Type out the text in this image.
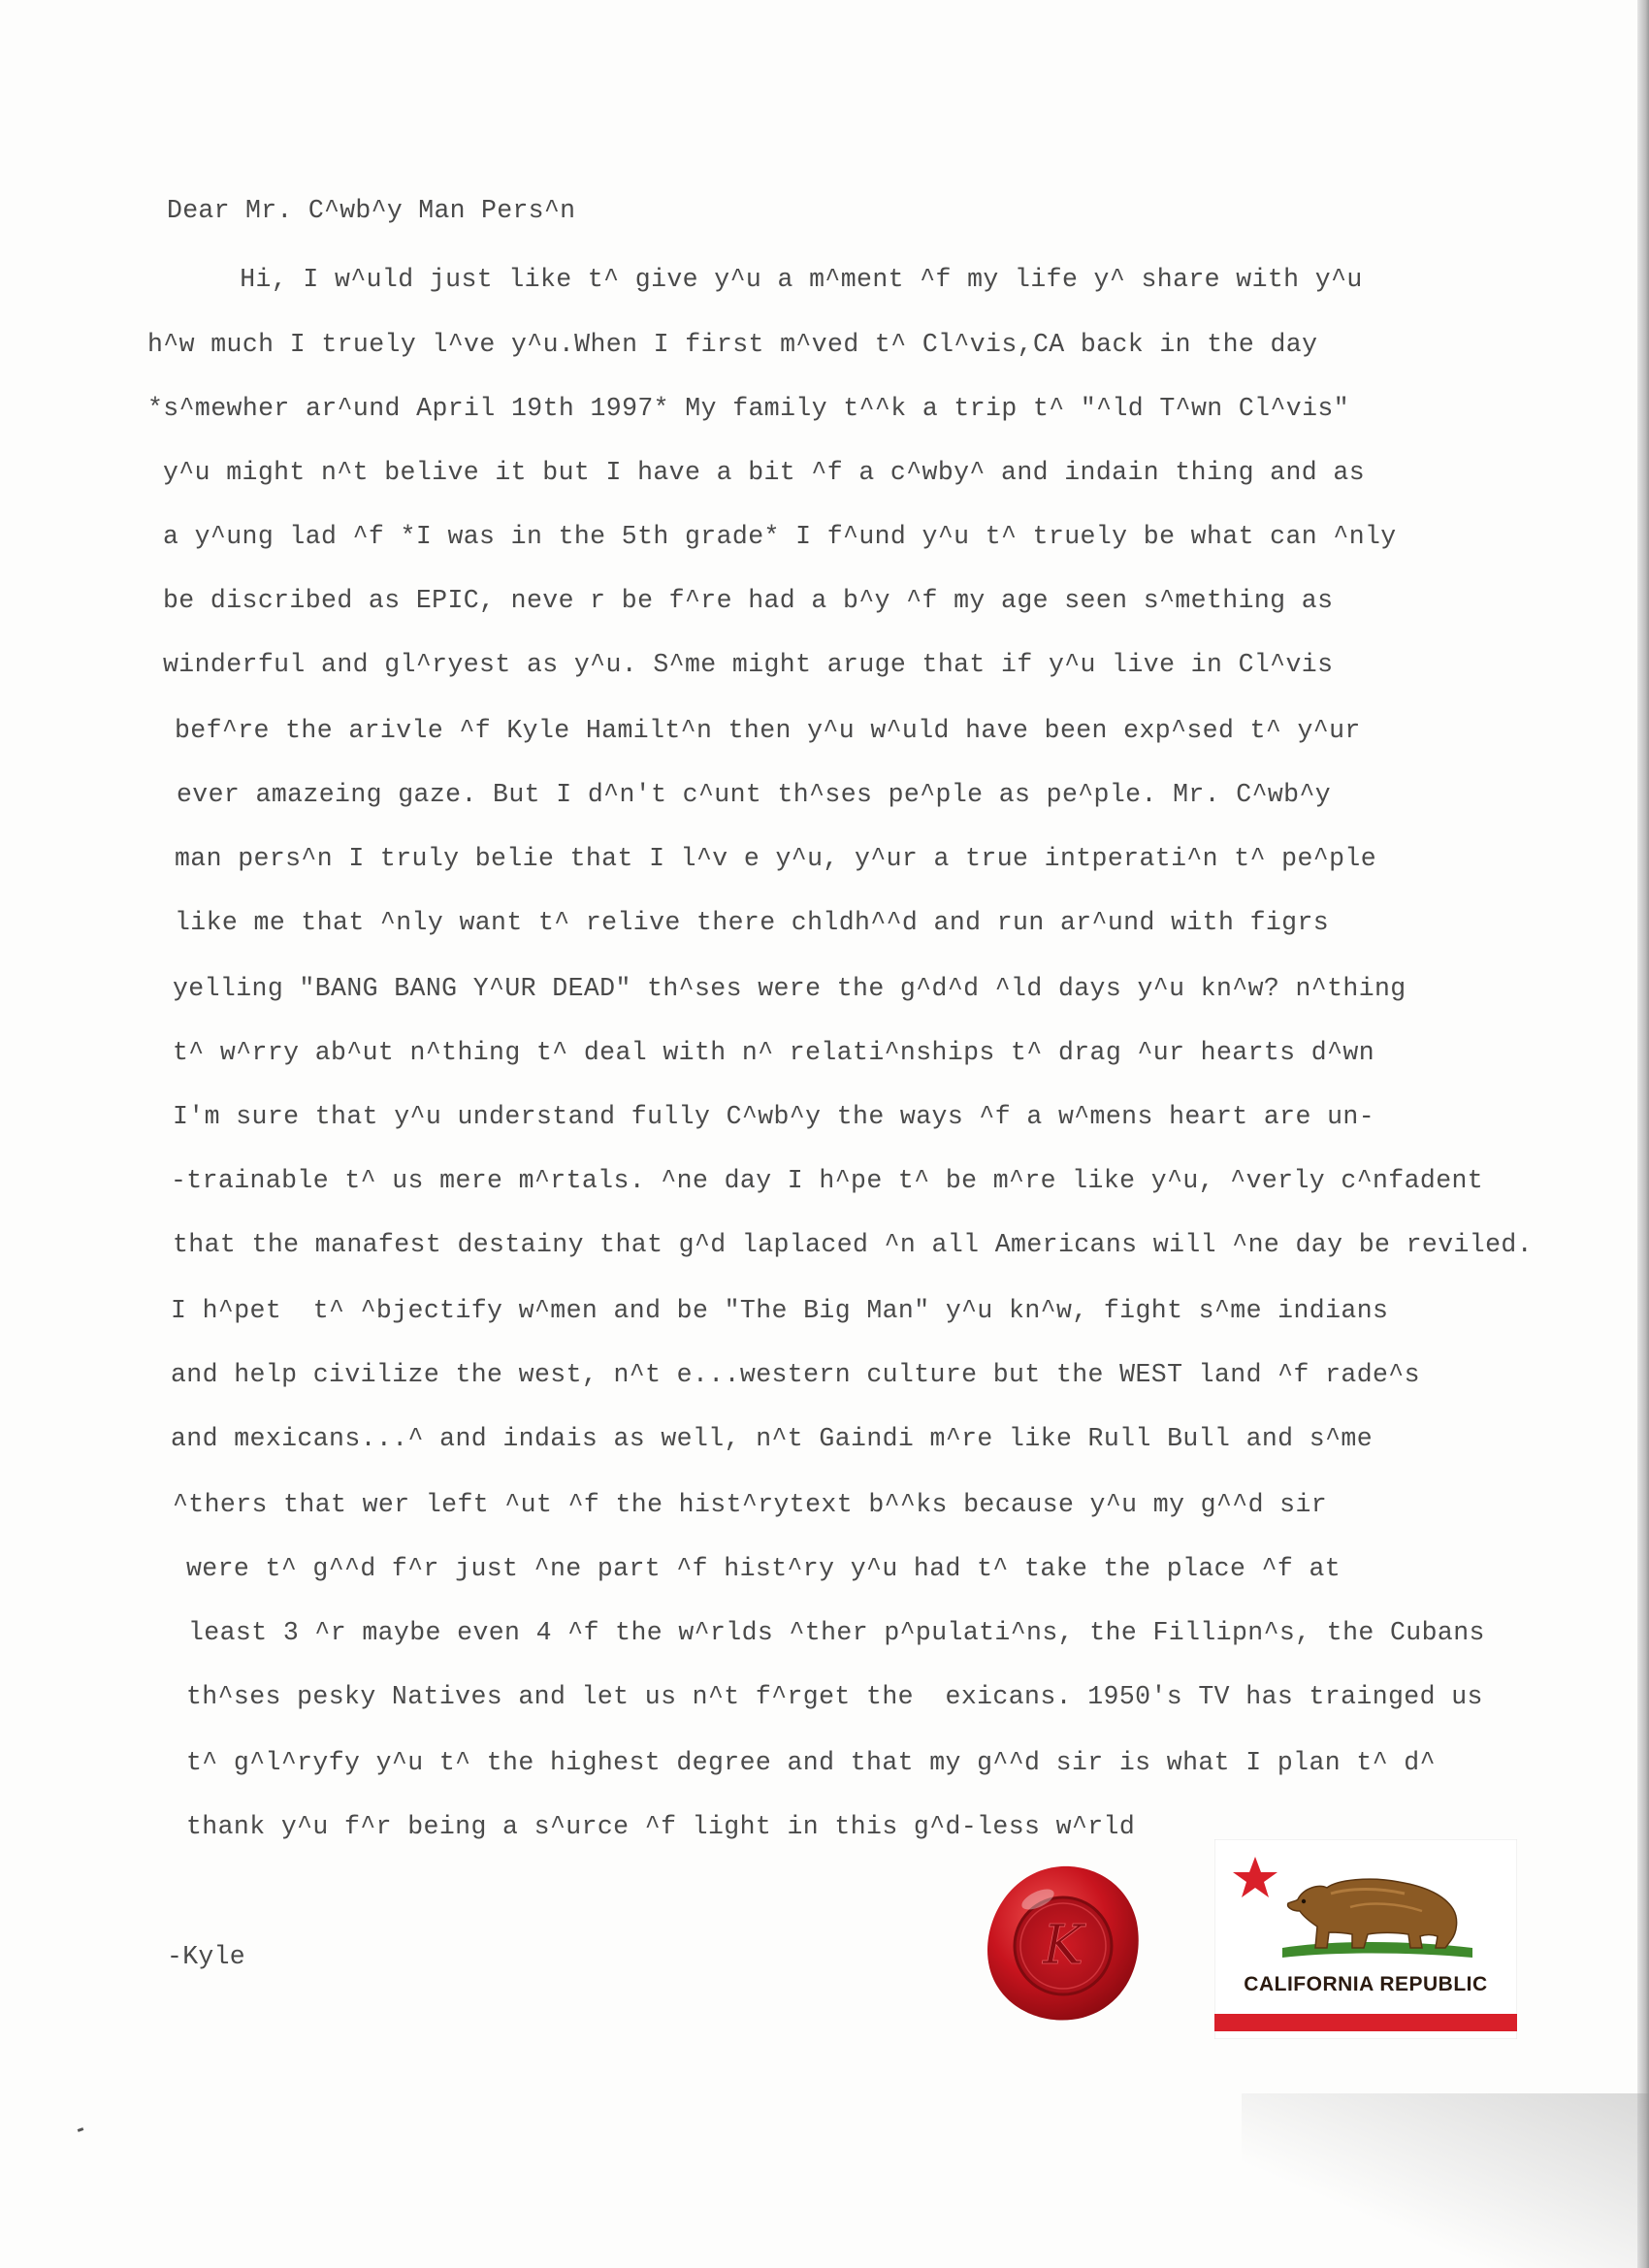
Dear Mr. C^wb^y Man Pers^n

Hi, I w^uld just like t^ give y^u a m^ment ^f my life y^ share with y^u

h^w much I truely l^ve y^u.When I first m^ved t^ Cl^vis,CA back in the day

*s^mewher ar^und April 19th 1997* My family t^^k a trip t^ "^ld T^wn Cl^vis"

y^u might n^t belive it but I have a bit ^f a c^wby^ and indain thing and as

a y^ung lad ^f *I was in the 5th grade* I f^und y^u t^ truely be what can ^nly

be discribed as EPIC, neve r be f^re had a b^y ^f my age seen s^mething as

winderful and gl^ryest as y^u. S^me might aruge that if y^u live in Cl^vis

bef^re the arivle ^f Kyle Hamilt^n then y^u w^uld have been exp^sed t^ y^ur

ever amazeing gaze. But I d^n't c^unt th^ses pe^ple as pe^ple. Mr. C^wb^y

man pers^n I truly belie that I l^v e y^u, y^ur a true intperati^n t^ pe^ple

like me that ^nly want t^ relive there chldh^^d and run ar^und with figrs

yelling "BANG BANG Y^UR DEAD" th^ses were the g^d^d ^ld days y^u kn^w? n^thing

t^ w^rry ab^ut n^thing t^ deal with n^ relati^nships t^ drag ^ur hearts d^wn

I'm sure that y^u understand fully C^wb^y the ways ^f a w^mens heart are un-

-trainable t^ us mere m^rtals. ^ne day I h^pe t^ be m^re like y^u, ^verly c^nfadent

that the manafest destainy that g^d laplaced ^n all Americans will ^ne day be reviled.

I h^pet  t^ ^bjectify w^men and be "The Big Man" y^u kn^w, fight s^me indians

and help civilize the west, n^t e...western culture but the WEST land ^f rade^s

and mexicans...^ and indais as well, n^t Gaindi m^re like Rull Bull and s^me

^thers that wer left ^ut ^f the hist^rytext b^^ks because y^u my g^^d sir

were t^ g^^d f^r just ^ne part ^f hist^ry y^u had t^ take the place ^f at

least 3 ^r maybe even 4 ^f the w^rlds ^ther p^pulati^ns, the Fillipn^s, the Cubans

th^ses pesky Natives and let us n^t f^rget the  exicans. 1950's TV has trainged us

t^ g^l^ryfy y^u t^ the highest degree and that my g^^d sir is what I plan t^ d^

thank y^u f^r being a s^urce ^f light in this g^d-less w^rld

-Kyle	K
CALIFORNIA REPUBLIC
